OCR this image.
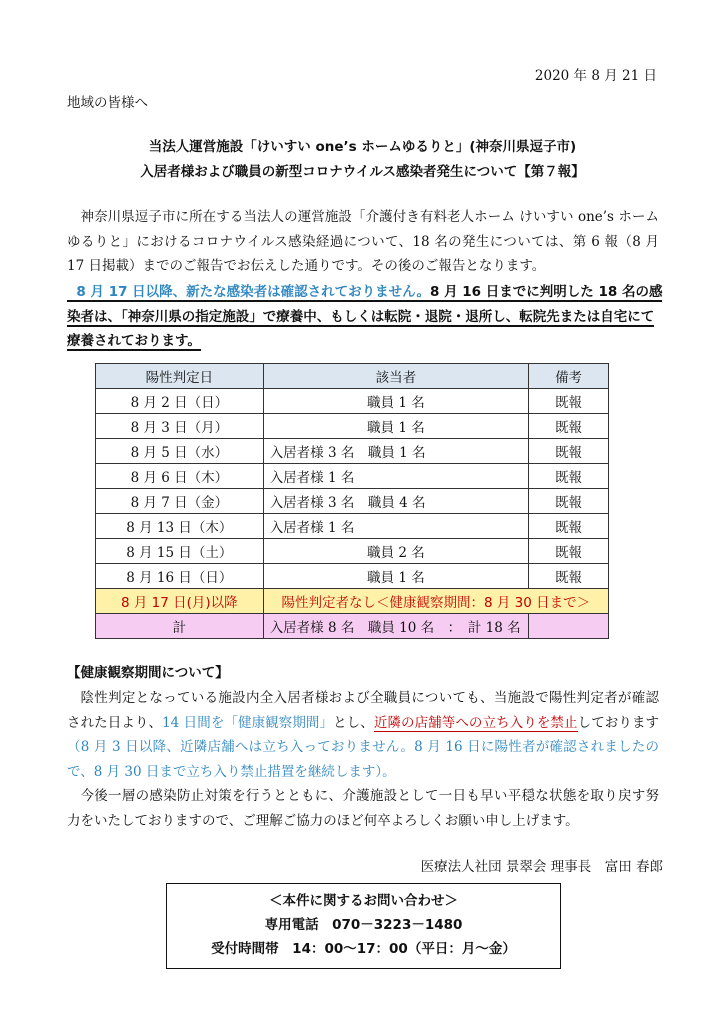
2020 年 8 月 21 日
地域の皆様へ
当法人運営施設「けいすい one’s ホームゆるりと」(神奈川県逗子市)
入居者様および職員の新型コロナウイルス感染者発生について【第７報】
神奈川県逗子市に所在する当法人の運営施設「介護付き有料老人ホーム けいすい one’s ホームゆるりと」におけるコロナウイルス感染経過について、18 名の発生については、第 6 報（8 月 17 日掲載）までのご報告でお伝えした通りです。その後のご報告となります。
8 月 17 日以降、新たな感染者は確認されておりません。8 月 16 日までに判明した 18 名の感染者は、「神奈川県の指定施設」で療養中、もしくは転院・退院・退所し、転院先または自宅にて療養されております。
陽性判定日	該当者	備考
8 月 2 日（日）	職員 1 名	既報
8 月 3 日（月）	職員 1 名	既報
8 月 5 日（水）	入居者様 3 名　職員 1 名	既報
8 月 6 日（木）	入居者様 1 名	既報
8 月 7 日（金）	入居者様 3 名　職員 4 名	既報
8 月 13 日（木）	入居者様 1 名	既報
8 月 15 日（土）	職員 2 名	既報
8 月 16 日（日）	職員 1 名	既報
8 月 17 日(月)以降	陽性判定者なし＜健康観察期間：8 月 30 日まで＞	
計	入居者様 8 名　職員 10 名　：　計 18 名	
【健康観察期間について】
陰性判定となっている施設内全入居者様および全職員についても、当施設で陽性判定者が確認された日より、14 日間を「健康観察期間」とし、近隣の店舗等への立ち入りを禁止しております（8 月 3 日以降、近隣店舗へは立ち入っておりません。8 月 16 日に陽性者が確認されましたので、8 月 30 日まで立ち入り禁止措置を継続します）。
今後一層の感染防止対策を行うとともに、介護施設として一日も早い平穏な状態を取り戻す努力をいたしておりますので、ご理解ご協力のほど何卒よろしくお願い申し上げます。
医療法人社団 景翠会 理事長　富田 春郎
＜本件に関するお問い合わせ＞
専用電話　070－3223－1480
受付時間帯　14：00～17：00（平日：月～金）
